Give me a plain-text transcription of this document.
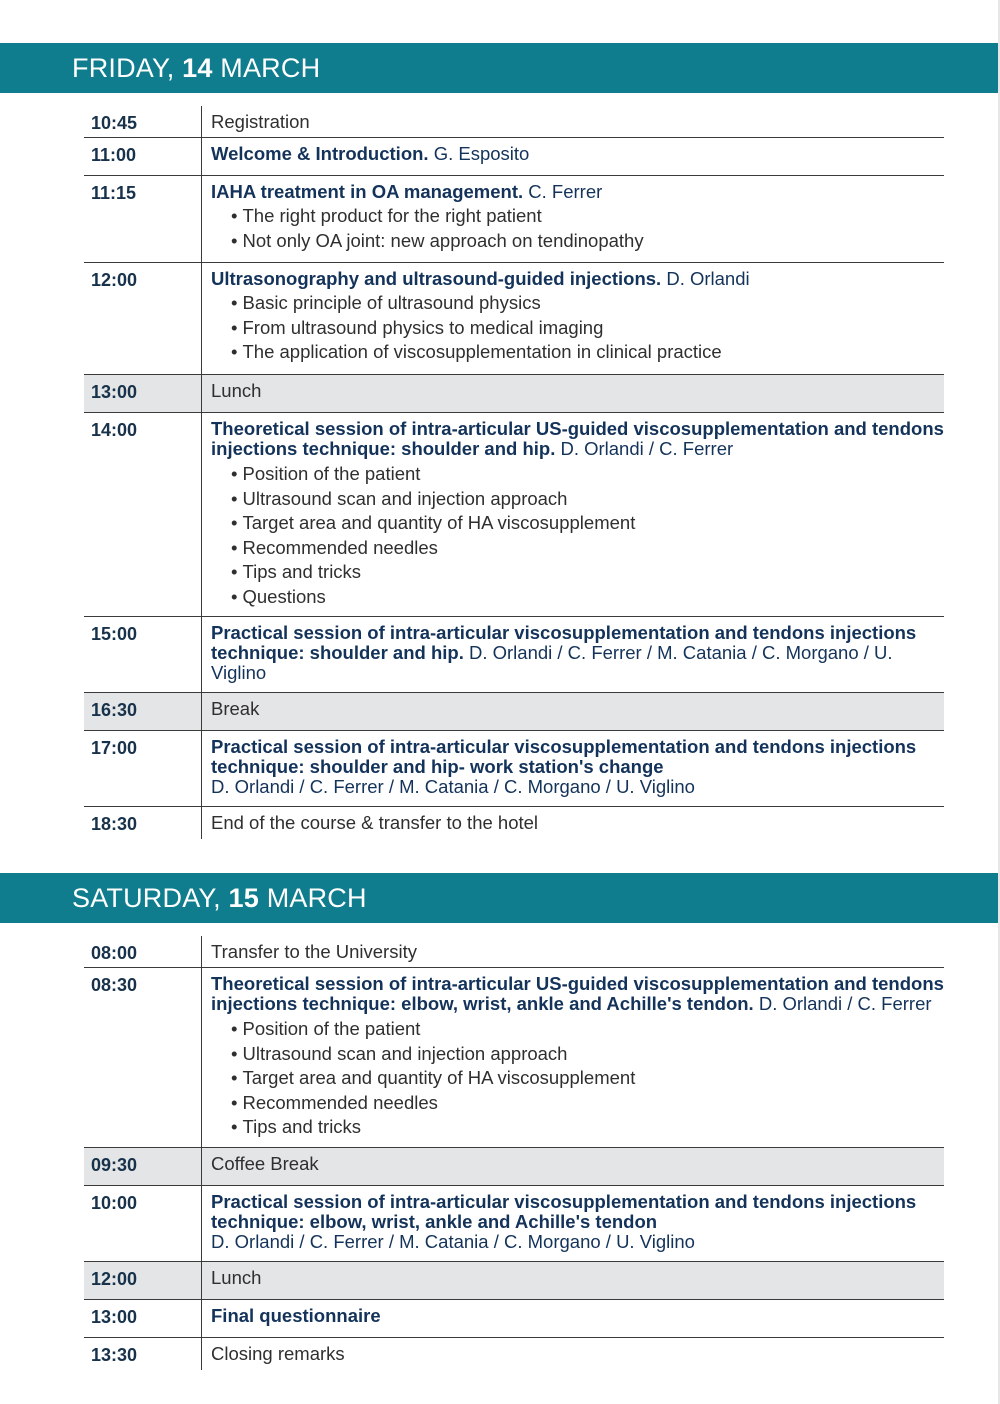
FRIDAY, 14 MARCH
10:45	Registration
11:00	Welcome & Introduction. G. Esposito
11:15	IAHA treatment in OA management. C. Ferrer
• The right product for the right patient
• Not only OA joint: new approach on tendinopathy
12:00	Ultrasonography and ultrasound-guided injections. D. Orlandi
• Basic principle of ultrasound physics
• From ultrasound physics to medical imaging
• The application of viscosupplementation in clinical practice
13:00	Lunch
14:00	Theoretical session of intra-articular US-guided viscosupplementation and tendons injections technique: shoulder and hip. D. Orlandi / C. Ferrer
• Position of the patient
• Ultrasound scan and injection approach
• Target area and quantity of HA viscosupplement
• Recommended needles
• Tips and tricks
• Questions
15:00	Practical session of intra-articular viscosupplementation and tendons injections technique: shoulder and hip. D. Orlandi / C. Ferrer / M. Catania / C. Morgano / U. Viglino
16:30	Break
17:00	Practical session of intra-articular viscosupplementation and tendons injections technique: shoulder and hip- work station's change
D. Orlandi / C. Ferrer / M. Catania / C. Morgano / U. Viglino
18:30	End of the course & transfer to the hotel
SATURDAY, 15 MARCH
08:00	Transfer to the University
08:30	Theoretical session of intra-articular US-guided viscosupplementation and tendons injections technique: elbow, wrist, ankle and Achille's tendon. D. Orlandi / C. Ferrer
• Position of the patient
• Ultrasound scan and injection approach
• Target area and quantity of HA viscosupplement
• Recommended needles
• Tips and tricks
09:30	Coffee Break
10:00	Practical session of intra-articular viscosupplementation and tendons injections technique: elbow, wrist, ankle and Achille's tendon
D. Orlandi / C. Ferrer / M. Catania / C. Morgano / U. Viglino
12:00	Lunch
13:00	Final questionnaire
13:30	Closing remarks
